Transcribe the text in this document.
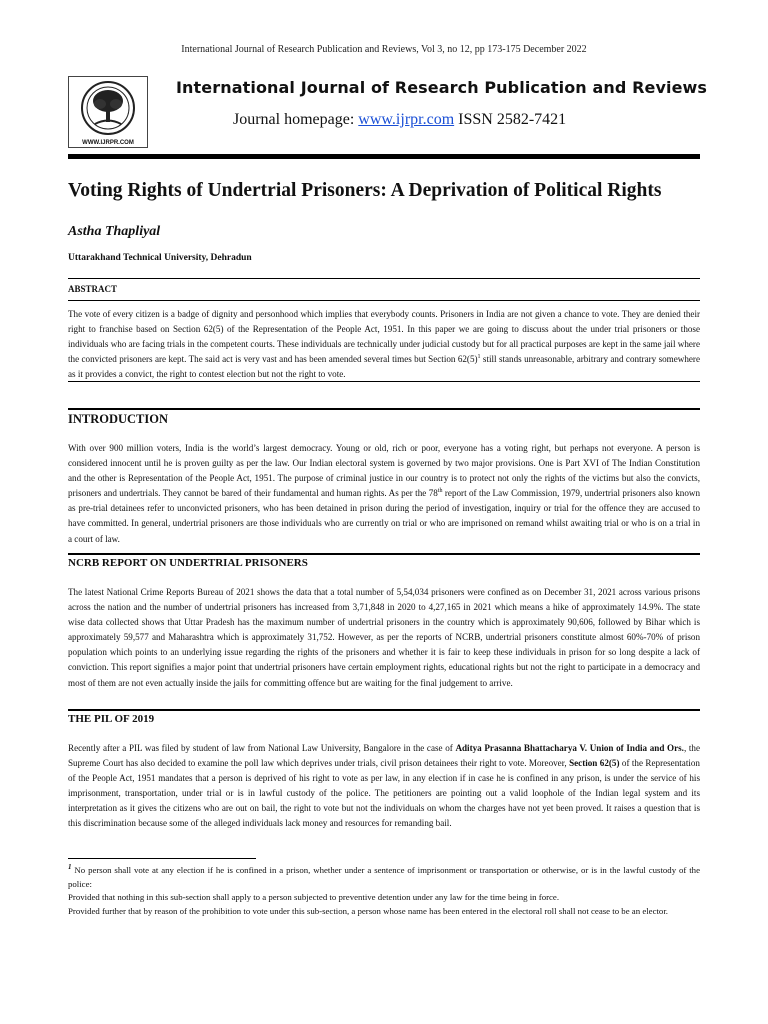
International Journal of Research Publication and Reviews, Vol 3, no 12, pp 173-175 December 2022
WWW.IJRPR.COM
International Journal of Research Publication and Reviews
Journal homepage: www.ijrpr.com ISSN 2582-7421
Voting Rights of Undertrial Prisoners: A Deprivation of Political Rights
Astha Thapliyal
Uttarakhand Technical University, Dehradun
ABSTRACT
The vote of every citizen is a badge of dignity and personhood which implies that everybody counts. Prisoners in India are not given a chance to vote. They are denied their right to franchise based on Section 62(5) of the Representation of the People Act, 1951. In this paper we are going to discuss about the under trial prisoners or those individuals who are facing trials in the competent courts. These individuals are technically under judicial custody but for all practical purposes are kept in the same jail where the convicted prisoners are kept. The said act is very vast and has been amended several times but Section $62(5)^1$ still stands unreasonable, arbitrary and contrary somewhere as it provides a convict, the right to contest election but not the right to vote.
INTRODUCTION
With over 900 million voters, India is the world’s largest democracy. Young or old, rich or poor, everyone has a voting right, but perhaps not everyone. A person is considered innocent until he is proven guilty as per the law. Our Indian electoral system is governed by two major provisions. One is Part XVI of The Indian Constitution and the other is Representation of the People Act, 1951. The purpose of criminal justice in our country is to protect not only the rights of the victims but also the convicts, prisoners and undertrials. They cannot be bared of their fundamental and human rights. As per the 78th report of the Law Commission, 1979, undertrial prisoners also known as pre-trial detainees refer to unconvicted prisoners, who has been detained in prison during the period of investigation, inquiry or trial for the offence they are accused to have committed. In general, undertrial prisoners are those individuals who are currently on trial or who are imprisoned on remand whilst awaiting trial or who is on a trial in a court of law.
NCRB REPORT ON UNDERTRIAL PRISONERS
The latest National Crime Reports Bureau of 2021 shows the data that a total number of 5,54,034 prisoners were confined as on December 31, 2021 across various prisons across the nation and the number of undertrial prisoners has increased from 3,71,848 in 2020 to 4,27,165 in 2021 which means a hike of approximately 14.9%. The state wise data collected shows that Uttar Pradesh has the maximum number of undertrial prisoners in the country which is approximately 90,606, followed by Bihar which is approximately 59,577 and Maharashtra which is approximately 31,752. However, as per the reports of NCRB, undertrial prisoners constitute almost 60%-70% of prison population which points to an underlying issue regarding the rights of the prisoners and whether it is fair to keep these individuals in prison for so long despite a lack of conviction. This report signifies a major point that undertrial prisoners have certain employment rights, educational rights but not the right to participate in a democracy and most of them are not even actually inside the jails for committing offence but are waiting for the final judgement to arrive.
THE PIL OF 2019
Recently after a PIL was filed by student of law from National Law University, Bangalore in the case of Aditya Prasanna Bhattacharya V. Union of India and Ors., the Supreme Court has also decided to examine the poll law which deprives under trials, civil prison detainees their right to vote. Moreover, Section 62(5) of the Representation of the People Act, 1951 mandates that a person is deprived of his right to vote as per law, in any election if in case he is confined in any prison, is under the service of his imprisonment, transportation, under trial or is in lawful custody of the police. The petitioners are pointing out a valid loophole of the Indian legal system and its interpretation as it gives the citizens who are out on bail, the right to vote but not the individuals on whom the charges have not yet been proved. It raises a question that is this discrimination because some of the alleged individuals lack money and resources for remanding bail.
$^1$ No person shall vote at any election if he is confined in a prison, whether under a sentence of imprisonment or transportation or otherwise, or is in the lawful custody of the police:
Provided that nothing in this sub-section shall apply to a person subjected to preventive detention under any law for the time being in force.
Provided further that by reason of the prohibition to vote under this sub-section, a person whose name has been entered in the electoral roll shall not cease to be an elector.
